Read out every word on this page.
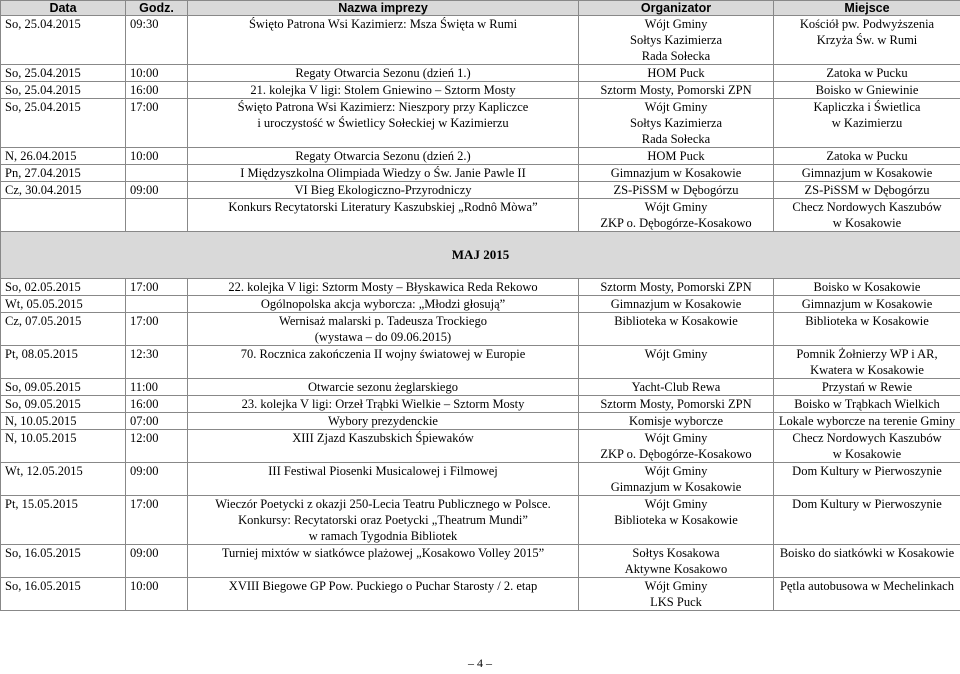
Data	Godz.	Nazwa imprezy	Organizator	Miejsce
So, 25.04.2015	09:30	Święto Patrona Wsi Kazimierz: Msza Święta w Rumi	Wójt Gminy
Sołtys Kazimierza
Rada Sołecka	Kościół pw. Podwyższenia
Krzyża Św. w Rumi

So, 25.04.2015	10:00	Regaty Otwarcia Sezonu (dzień 1.)	HOM Puck	Zatoka w Pucku

So, 25.04.2015	16:00	21. kolejka V ligi: Stolem Gniewino – Sztorm Mosty	Sztorm Mosty, Pomorski ZPN	Boisko w Gniewinie

So, 25.04.2015	17:00	Święto Patrona Wsi Kazimierz: Nieszpory przy Kapliczce
i uroczystość w Świetlicy Sołeckiej w Kazimierzu	Wójt Gminy
Sołtys Kazimierza
Rada Sołecka	Kapliczka i Świetlica
w Kazimierzu

N, 26.04.2015	10:00	Regaty Otwarcia Sezonu (dzień 2.)	HOM Puck	Zatoka w Pucku

Pn, 27.04.2015		I Międzyszkolna Olimpiada Wiedzy o Św. Janie Pawle II	Gimnazjum w Kosakowie	Gimnazjum w Kosakowie

Cz, 30.04.2015	09:00	VI Bieg Ekologiczno-Przyrodniczy	ZS-PiSSM w Dębogórzu	ZS-PiSSM w Dębogórzu

		Konkurs Recytatorski Literatury Kaszubskiej „Rodnô Mòwa”	Wójt Gminy
ZKP o. Dębogórze-Kosakowo	Checz Nordowych Kaszubów
w Kosakowie

MAJ 2015				
So, 02.05.2015	17:00	22. kolejka V ligi: Sztorm Mosty – Błyskawica Reda Rekowo	Sztorm Mosty, Pomorski ZPN	Boisko w Kosakowie

Wt, 05.05.2015		Ogólnopolska akcja wyborcza: „Młodzi głosują”	Gimnazjum w Kosakowie	Gimnazjum w Kosakowie

Cz, 07.05.2015	17:00	Wernisaż malarski p. Tadeusza Trockiego
(wystawa – do 09.06.2015)	Biblioteka w Kosakowie	Biblioteka w Kosakowie

Pt, 08.05.2015	12:30	70. Rocznica zakończenia II wojny światowej w Europie	Wójt Gminy	Pomnik Żołnierzy WP i AR,
Kwatera w Kosakowie

So, 09.05.2015	11:00	Otwarcie sezonu żeglarskiego	Yacht-Club Rewa	Przystań w Rewie

So, 09.05.2015	16:00	23. kolejka V ligi: Orzeł Trąbki Wielkie – Sztorm Mosty	Sztorm Mosty, Pomorski ZPN	Boisko w Trąbkach Wielkich

N, 10.05.2015	07:00	Wybory prezydenckie	Komisje wyborcze	Lokale wyborcze na terenie Gminy

N, 10.05.2015	12:00	XIII Zjazd Kaszubskich Śpiewaków	Wójt Gminy
ZKP o. Dębogórze-Kosakowo	Checz Nordowych Kaszubów
w Kosakowie

Wt, 12.05.2015	09:00	III Festiwal Piosenki Musicalowej i Filmowej	Wójt Gminy
Gimnazjum w Kosakowie	Dom Kultury w Pierwoszynie

Pt, 15.05.2015	17:00	Wieczór Poetycki z okazji 250-Lecia Teatru Publicznego w Polsce.
Konkursy: Recytatorski oraz Poetycki „Theatrum Mundi”
w ramach Tygodnia Bibliotek	Wójt Gminy
Biblioteka w Kosakowie	Dom Kultury w Pierwoszynie

So, 16.05.2015	09:00	Turniej mixtów w siatkówce plażowej „Kosakowo Volley 2015”	Sołtys Kosakowa
Aktywne Kosakowo	Boisko do siatkówki w Kosakowie

So, 16.05.2015	10:00	XVIII Biegowe GP Pow. Puckiego o Puchar Starosty / 2. etap	Wójt Gminy
LKS Puck	Pętla autobusowa w Mechelinkach
– 4 –
